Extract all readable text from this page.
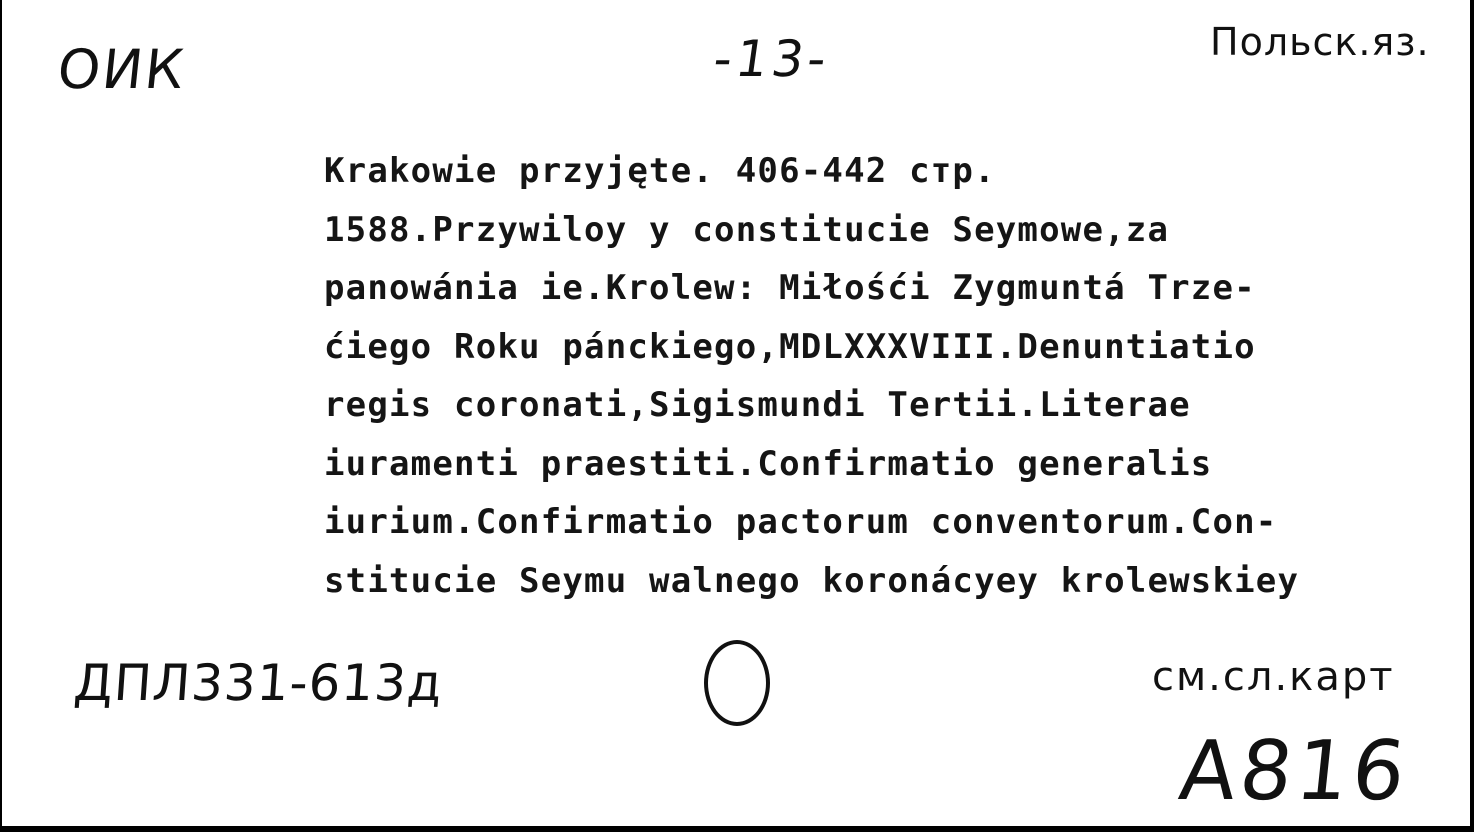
ОИК	-13-	Польск.яз.
Krakowie przyjęte. 406-442 стр.
1588.Przywiloy y constitucie Seymowe,za
panowánia ie.Krolew: Miłośći Zygmuntá Trze-
ćiego Roku pánckiego,MDLXXXVIII.Denuntiatio
regis coronati,Sigismundi Tertii.Literae
iuramenti praestiti.Confirmatio generalis
iurium.Confirmatio pactorum conventorum.Con-
stitucie Seymu walnego koronácyey krolewskiey
ДПЛ331-613д	см.сл.карт
А816
